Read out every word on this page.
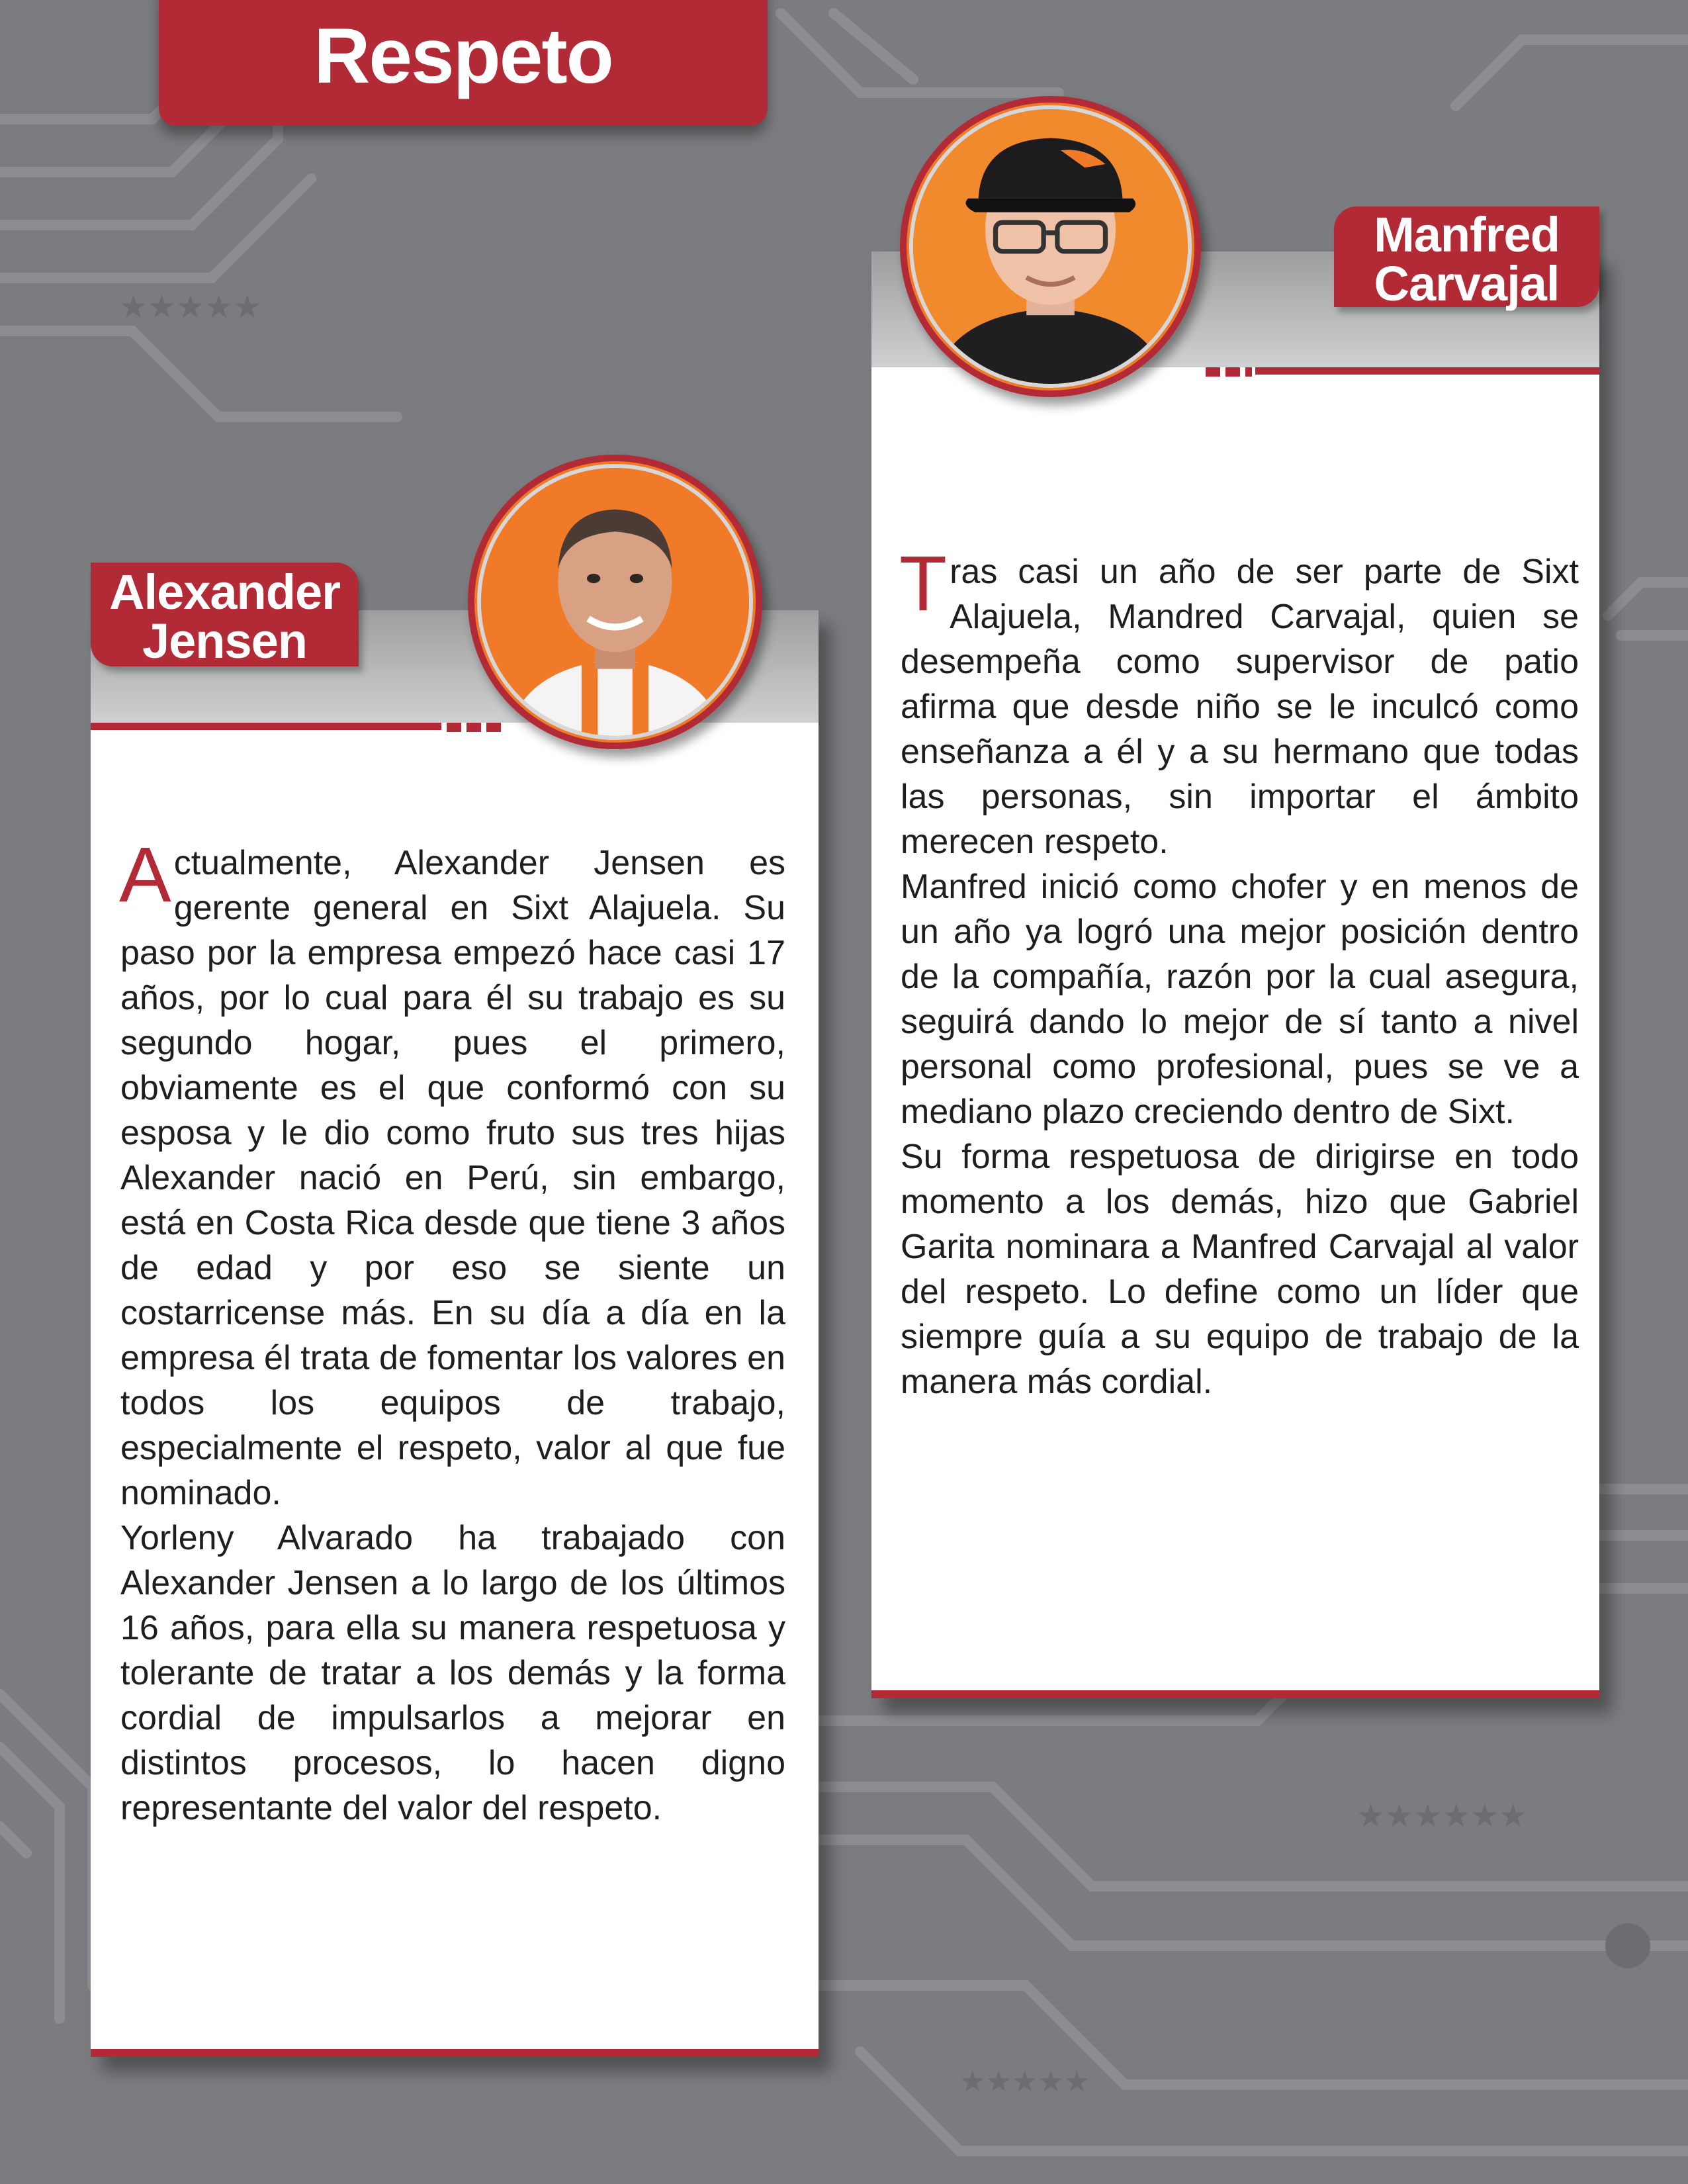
★★★★★
★★★★★★
★★★★★
Respeto
Alexander
Jensen

Actualmente, Alexander Jensen es gerente general en Sixt Alajuela. Su paso por la empresa empezó hace casi 17 años, por lo cual para él su trabajo es su segundo hogar, pues el primero, obviamente es el que conformó con su esposa y le dio como fruto sus tres hijas Alexander nació en Perú, sin embargo, está en Costa Rica desde que tiene 3 años de edad y por eso se siente un costarricense más. En su día a día en la empresa él trata de fomentar los valores en todos los equipos de trabajo, especialmente el respeto, valor al que fue nominado.

Yorleny Alvarado ha trabajado con Alexander Jensen a lo largo de los últimos 16 años, para ella su manera respetuosa y tolerante de tratar a los demás y la forma cordial de impulsarlos a mejorar en distintos procesos, lo hacen digno representante del valor del respeto.

Manfred
Carvajal

Tras casi un año de ser parte de Sixt Alajuela, Mandred Carvajal, quien se desempeña como supervisor de patio afirma que desde niño se le inculcó como enseñanza a él y a su hermano que todas las personas, sin importar el ámbito merecen respeto.

Manfred inició como chofer y en menos de un año ya logró una mejor posición dentro de la compañía, razón por la cual asegura, seguirá dando lo mejor de sí tanto a nivel personal como profesional, pues se ve a mediano plazo creciendo dentro de Sixt.

Su forma respetuosa de dirigirse en todo momento a los demás, hizo que Gabriel Garita nominara a Manfred Carvajal al valor del respeto. Lo define como un líder que siempre guía a su equipo de trabajo de la manera más cordial.
